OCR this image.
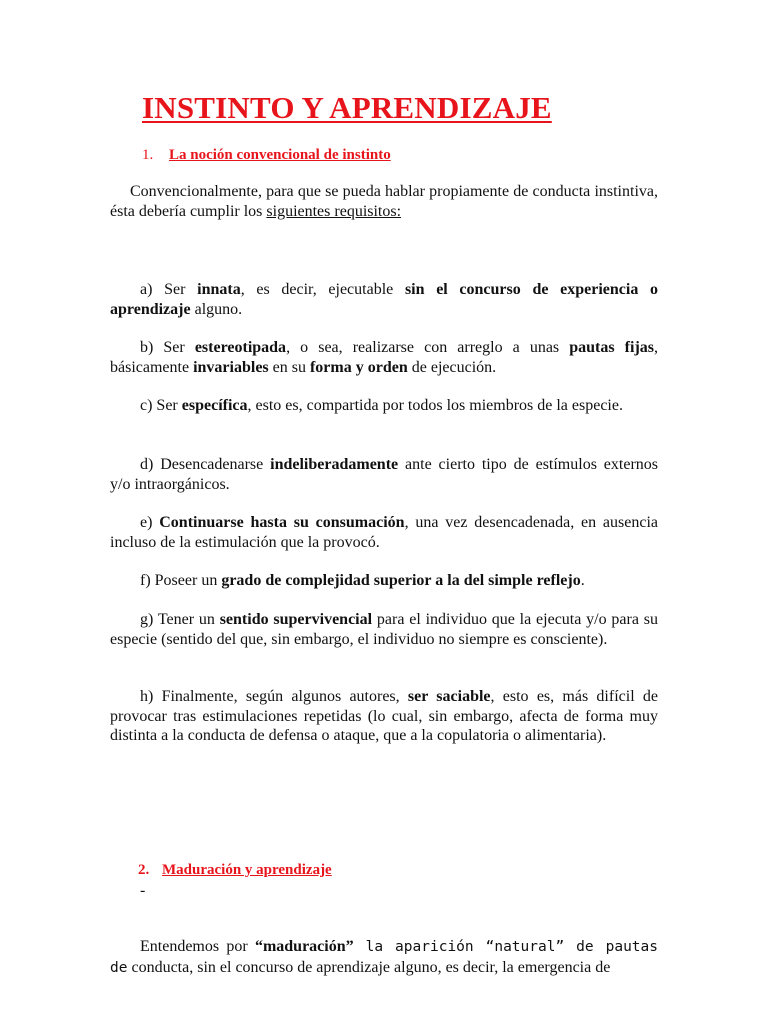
INSTINTO Y APRENDIZAJE
1. La noción convencional de instinto

Convencionalmente, para que se pueda hablar propiamente de conducta instintiva, ésta debería cumplir los siguientes requisitos:

a) Ser innata, es decir, ejecutable sin el concurso de experiencia o aprendizaje alguno.

b) Ser estereotipada, o sea, realizarse con arreglo a unas pautas fijas, básicamente invariables en su forma y orden de ejecución.

c) Ser específica, esto es, compartida por todos los miembros de la especie.

d) Desencadenarse indeliberadamente ante cierto tipo de estímulos externos y/o intraorgánicos.

e) Continuarse hasta su consumación, una vez desencadenada, en ausencia incluso de la estimulación que la provocó.

f) Poseer un grado de complejidad superior a la del simple reflejo.

g) Tener un sentido supervivencial para el individuo que la ejecuta y/o para su especie (sentido del que, sin embargo, el individuo no siempre es consciente).

h) Finalmente, según algunos autores, ser saciable, esto es, más difícil de provocar tras estimulaciones repetidas (lo cual, sin embargo, afecta de forma muy distinta a la conducta de defensa o ataque, que a la copulatoria o alimentaria).

2. Maduración y aprendizaje
-

Entendemos por “maduración” la aparición “natural” de pautas de conducta, sin el concurso de aprendizaje alguno, es decir, la emergencia de
